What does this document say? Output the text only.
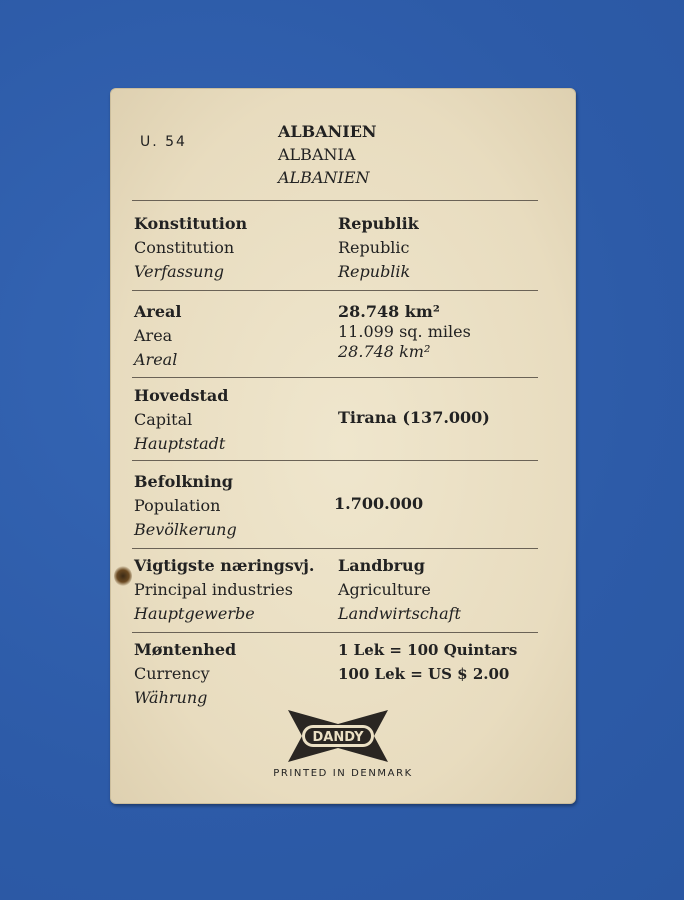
U. 54
ALBANIEN
ALBANIA
ALBANIEN
Konstitution
Constitution
Verfassung
Republik
Republic
Republik
Areal
Area
Areal
28.748 km²
11.099 sq. miles
28.748 km²
Hovedstad
Capital
Hauptstadt
Tirana (137.000)
Befolkning
Population
Bevölkerung
1.700.000
Vigtigste næringsvj.
Principal industries
Hauptgewerbe
Landbrug
Agriculture
Landwirtschaft
Møntenhed
Currency
Währung
1 Lek = 100 Quintars
100 Lek = US $ 2.00
DANDY
PRINTED IN DENMARK
